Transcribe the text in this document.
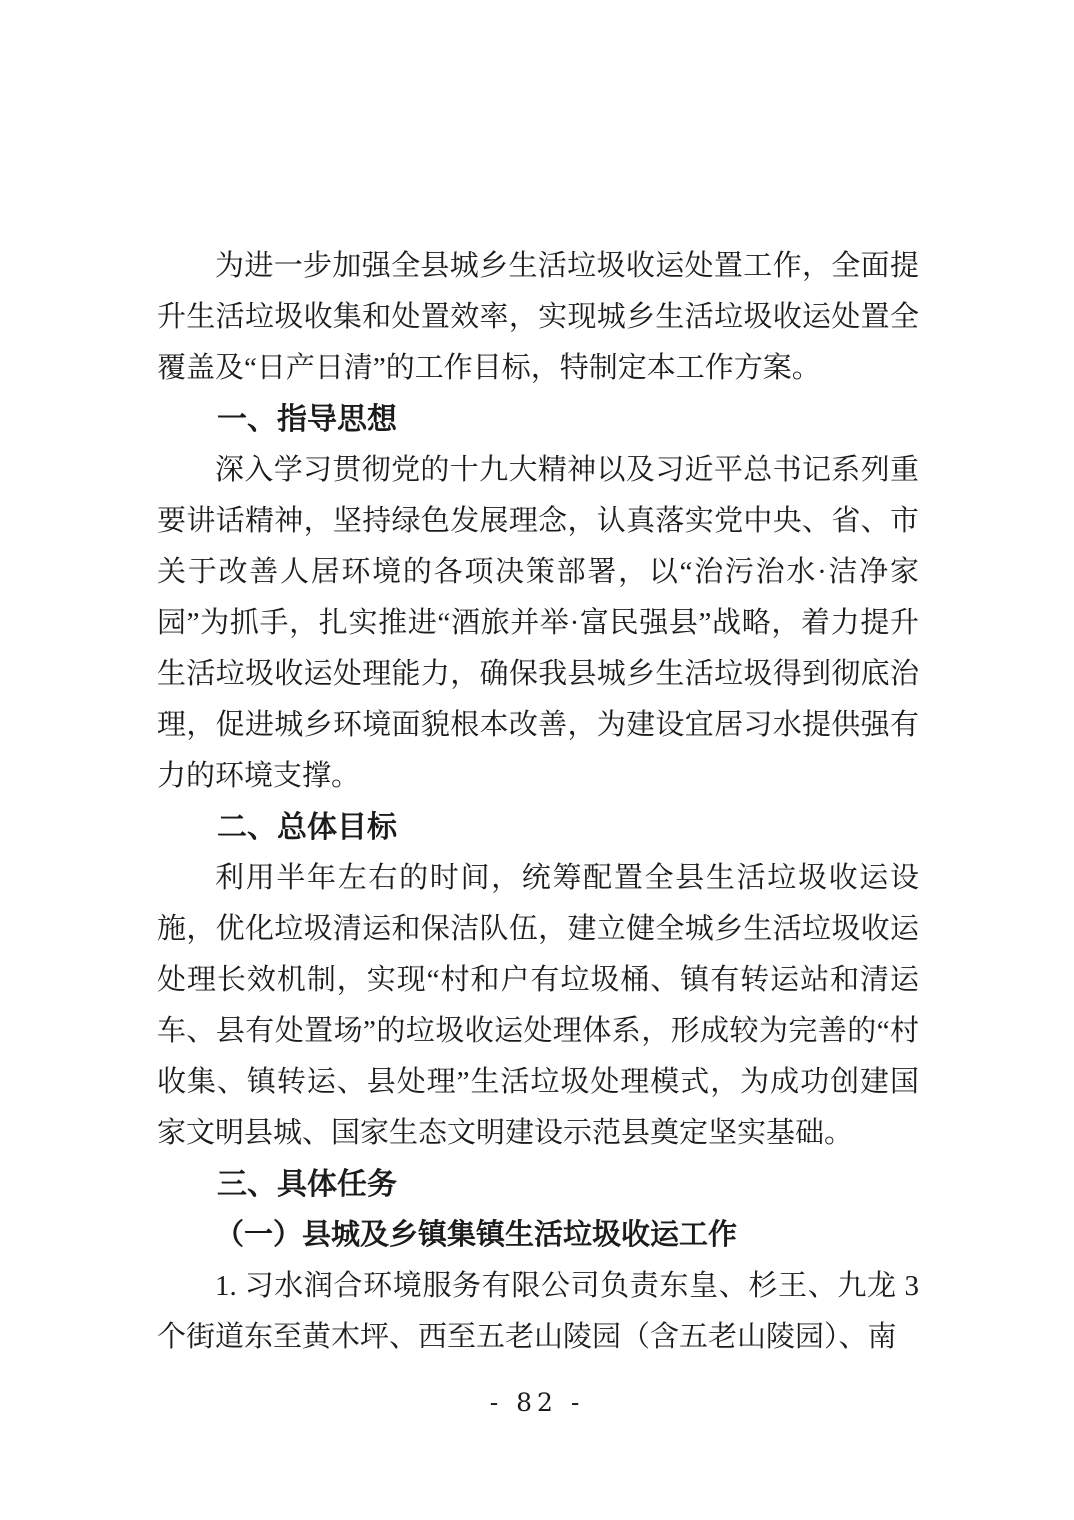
为进一步加强全县城乡生活垃圾收运处置工作，全面提升生活垃圾收集和处置效率，实现城乡生活垃圾收运处置全覆盖及“日产日清”的工作目标，特制定本工作方案。

一、指导思想

深入学习贯彻党的十九大精神以及习近平总书记系列重要讲话精神，坚持绿色发展理念，认真落实党中央、省、市关于改善人居环境的各项决策部署，以“治污治水·洁净家园”为抓手，扎实推进“酒旅并举·富民强县”战略，着力提升生活垃圾收运处理能力，确保我县城乡生活垃圾得到彻底治理，促进城乡环境面貌根本改善，为建设宜居习水提供强有力的环境支撑。

二、总体目标

利用半年左右的时间，统筹配置全县生活垃圾收运设施，优化垃圾清运和保洁队伍，建立健全城乡生活垃圾收运处理长效机制，实现“村和户有垃圾桶、镇有转运站和清运车、县有处置场”的垃圾收运处理体系，形成较为完善的“村收集、镇转运、县处理”生活垃圾处理模式，为成功创建国家文明县城、国家生态文明建设示范县奠定坚实基础。

三、具体任务
（一）县城及乡镇集镇生活垃圾收运工作

1. 习水润合环境服务有限公司负责东皇、杉王、九龙 3 个街道东至黄木坪、西至五老山陵园（含五老山陵园）、南

- 82 -
